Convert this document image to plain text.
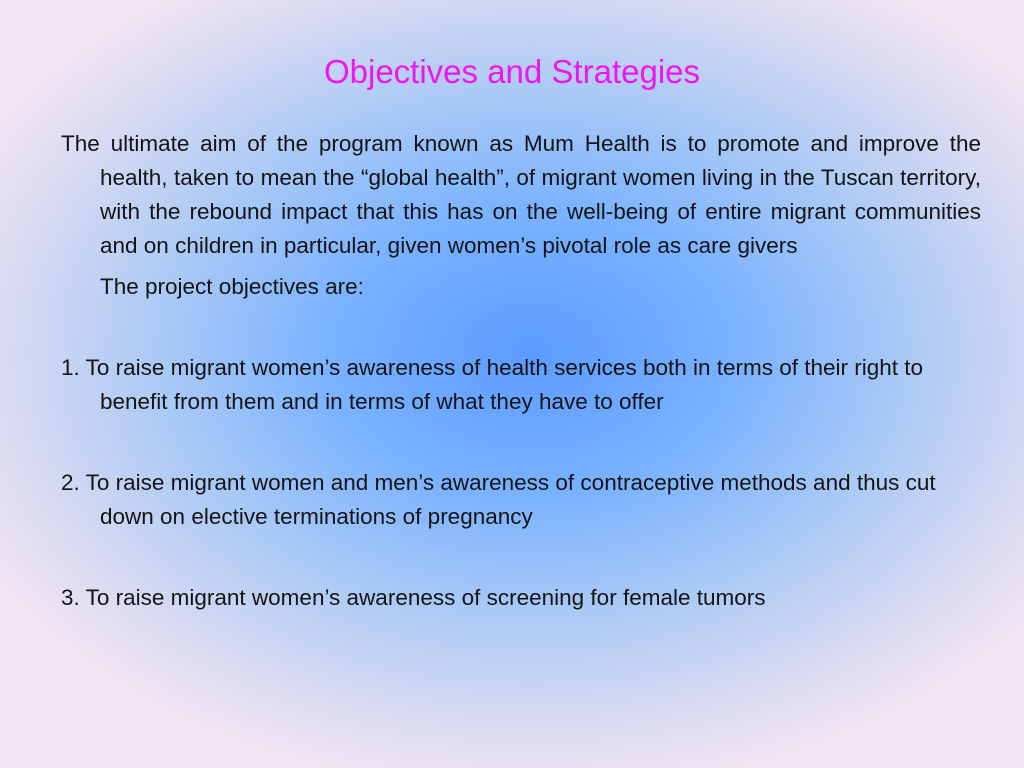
Objectives and Strategies

The ultimate aim of the program known as Mum Health is to promote and improve the health, taken to mean the “global health”, of migrant women living in the Tuscan territory, with the rebound impact that this has on the well-being of entire migrant communities and on children in particular, given women’s pivotal role as care givers

The project objectives are:

1. To raise migrant women’s awareness of health services both in terms of their right to benefit from them and in terms of what they have to offer

2. To raise migrant women and men’s awareness of contraceptive methods and thus cut down on elective terminations of pregnancy

3. To raise migrant women’s awareness of screening for female tumors
